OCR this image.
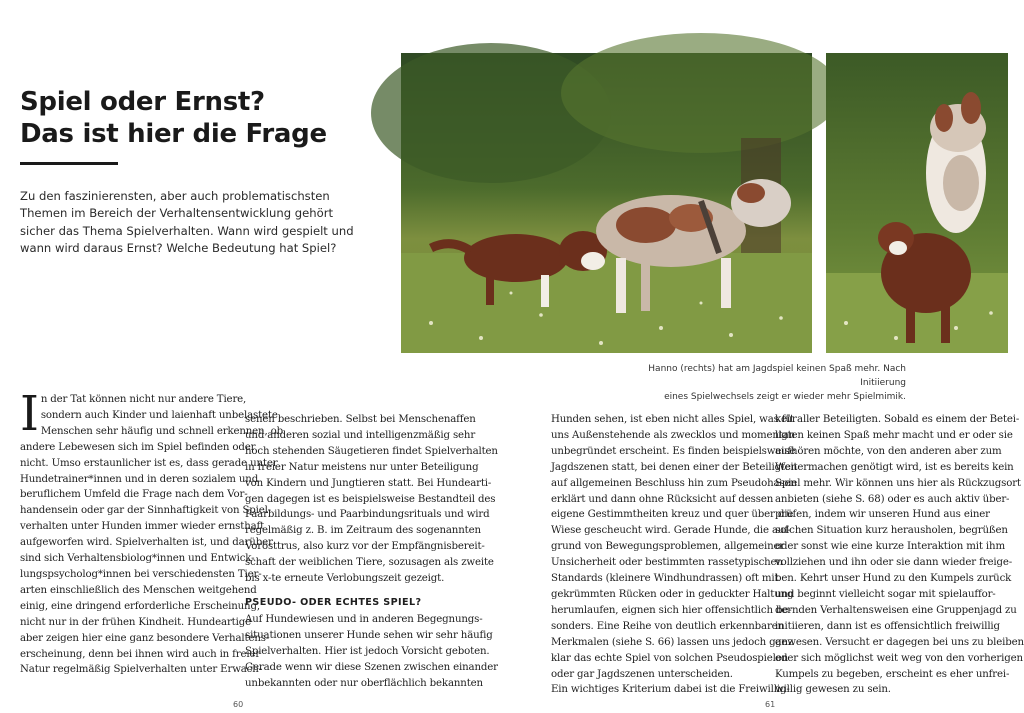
Spiel oder Ernst?
Das ist hier die Frage
Zu den faszinierensten, aber auch problematischsten Themen im Bereich der Verhaltensentwicklung gehört sicher das Thema Spielverhalten. Wann wird gespielt und wann wird daraus Ernst? Welche Bedeutung hat Spiel?
Hanno (rechts) hat am Jagdspiel keinen Spaß mehr. Nach Initiierung
eines Spielwechsels zeigt er wieder mehr Spielmimik.
I n der Tat können nicht nur andere Tiere,
sondern auch Kinder und laienhaft unbelastete
Menschen sehr häufig und schnell erkennen, ob
andere Lebewesen sich im Spiel befinden oder
nicht. Umso erstaunlicher ist es, dass gerade unter
Hundetrainer*innen und in deren sozialem und
beruflichem Umfeld die Frage nach dem Vor-
handensein oder gar der Sinnhaftigkeit von Spiel-
verhalten unter Hunden immer wieder ernsthaft
aufgeworfen wird. Spielverhalten ist, und darüber
sind sich Verhaltensbiolog*innen und Entwick-
lungspsycholog*innen bei verschiedensten Tier-
arten einschließlich des Menschen weitgehend
einig, eine dringend erforderliche Erscheinung,
nicht nur in der frühen Kindheit. Hundeartige
aber zeigen hier eine ganz besondere Verhaltens-
erscheinung, denn bei ihnen wird auch in freier
Natur regelmäßig Spielverhalten unter Erwach-
senen beschrieben. Selbst bei Menschenaffen
und anderen sozial und intelligenzmäßig sehr
hoch stehenden Säugetieren findet Spielverhalten
in freier Natur meistens nur unter Beteiligung
von Kindern und Jungtieren statt. Bei Hundearti-
gen dagegen ist es beispielsweise Bestandteil des
Paarbildungs- und Paarbindungsrituals und wird
regelmäßig z. B. im Zeitraum des sogenannten
Vorösttrus, also kurz vor der Empfängnisbereit-
schaft der weiblichen Tiere, sozusagen als zweite
bis x-te erneute Verlobungszeit gezeigt.
PSEUDO- ODER ECHTES SPIEL?
Auf Hundewiesen und in anderen Begegnungs-
situationen unserer Hunde sehen wir sehr häufig
Spielverhalten. Hier ist jedoch Vorsicht geboten.
Gerade wenn wir diese Szenen zwischen einander
unbekannten oder nur oberflächlich bekannten
Hunden sehen, ist eben nicht alles Spiel, was für
uns Außenstehende als zwecklos und momentan
unbegründet erscheint. Es finden beispielsweise
Jagdszenen statt, bei denen einer der Beteiligten
auf allgemeinen Beschluss hin zum Pseudohasen
erklärt und dann ohne Rücksicht auf dessen
eigene Gestimmtheiten kreuz und quer über die
Wiese gescheucht wird. Gerade Hunde, die auf-
grund von Bewegungsproblemen, allgemeiner
Unsicherheit oder bestimmten rassetypischen
Standards (kleinere Windhundrassen) oft mit
gekrümmten Rücken oder in geduckter Haltung
herumlaufen, eignen sich hier offensichtlich be-
sonders. Eine Reihe von deutlich erkennbaren
Merkmalen (siehe S. 66) lassen uns jedoch ganz
klar das echte Spiel von solchen Pseudospielen
oder gar Jagdszenen unterscheiden.
Ein wichtiges Kriterium dabei ist die Freiwillig-
keit aller Beteiligten. Sobald es einem der Betei-
ligten keinen Spaß mehr macht und er oder sie
aufhören möchte, von den anderen aber zum
Weitermachen genötigt wird, ist es bereits kein
Spiel mehr. Wir können uns hier als Rückzugsort
anbieten (siehe S. 68) oder es auch aktiv über-
prüfen, indem wir unseren Hund aus einer
solchen Situation kurz herausholen, begrüßen
oder sonst wie eine kurze Interaktion mit ihm
vollziehen und ihn oder sie dann wieder freige-
ben. Kehrt unser Hund zu den Kumpels zurück
und beginnt vielleicht sogar mit spielauffor-
dernden Verhaltensweisen eine Gruppenjagd zu
initiieren, dann ist es offensichtlich freiwillig
gewesen. Versucht er dagegen bei uns zu bleiben
oder sich möglichst weit weg von den vorherigen
Kumpels zu begeben, erscheint es eher unfrei-
willig gewesen zu sein.
60	61
